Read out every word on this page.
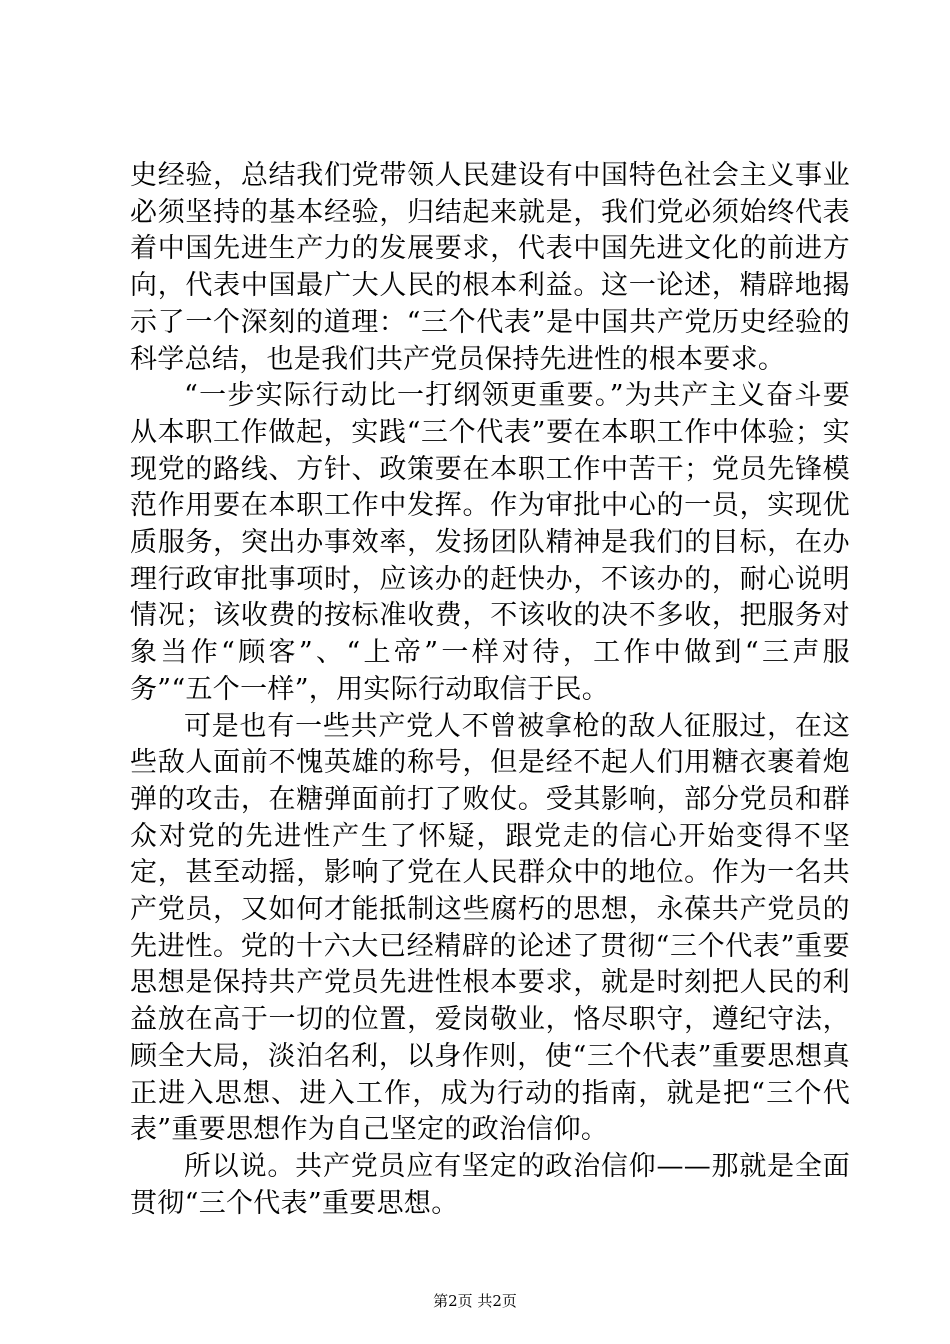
史经验，总结我们党带领人民建设有中国特色社会主义事业必须坚持的基本经验，归结起来就是，我们党必须始终代表着中国先进生产力的发展要求，代表中国先进文化的前进方向，代表中国最广大人民的根本利益。这一论述，精辟地揭示了一个深刻的道理：“三个代表”是中国共产党历史经验的科学总结，也是我们共产党员保持先进性的根本要求。

“一步实际行动比一打纲领更重要。”为共产主义奋斗要从本职工作做起，实践“三个代表”要在本职工作中体验；实现党的路线、方针、政策要在本职工作中苦干；党员先锋模范作用要在本职工作中发挥。作为审批中心的一员，实现优质服务，突出办事效率，发扬团队精神是我们的目标，在办理行政审批事项时，应该办的赶快办，不该办的，耐心说明情况；该收费的按标准收费，不该收的决不多收，把服务对象当作“顾客”、“上帝”一样对待，工作中做到“三声服务”“五个一样”，用实际行动取信于民。

可是也有一些共产党人不曾被拿枪的敌人征服过，在这些敌人面前不愧英雄的称号，但是经不起人们用糖衣裹着炮弹的攻击，在糖弹面前打了败仗。受其影响，部分党员和群众对党的先进性产生了怀疑，跟党走的信心开始变得不坚定，甚至动摇，影响了党在人民群众中的地位。作为一名共产党员，又如何才能抵制这些腐朽的思想，永葆共产党员的先进性。党的十六大已经精辟的论述了贯彻“三个代表”重要思想是保持共产党员先进性根本要求，就是时刻把人民的利益放在高于一切的位置，爱岗敬业，恪尽职守，遵纪守法，顾全大局，淡泊名利，以身作则，使“三个代表”重要思想真正进入思想、进入工作，成为行动的指南，就是把“三个代表”重要思想作为自己坚定的政治信仰。

所以说。共产党员应有坚定的政治信仰——那就是全面贯彻“三个代表”重要思想。

第2页 共2页
